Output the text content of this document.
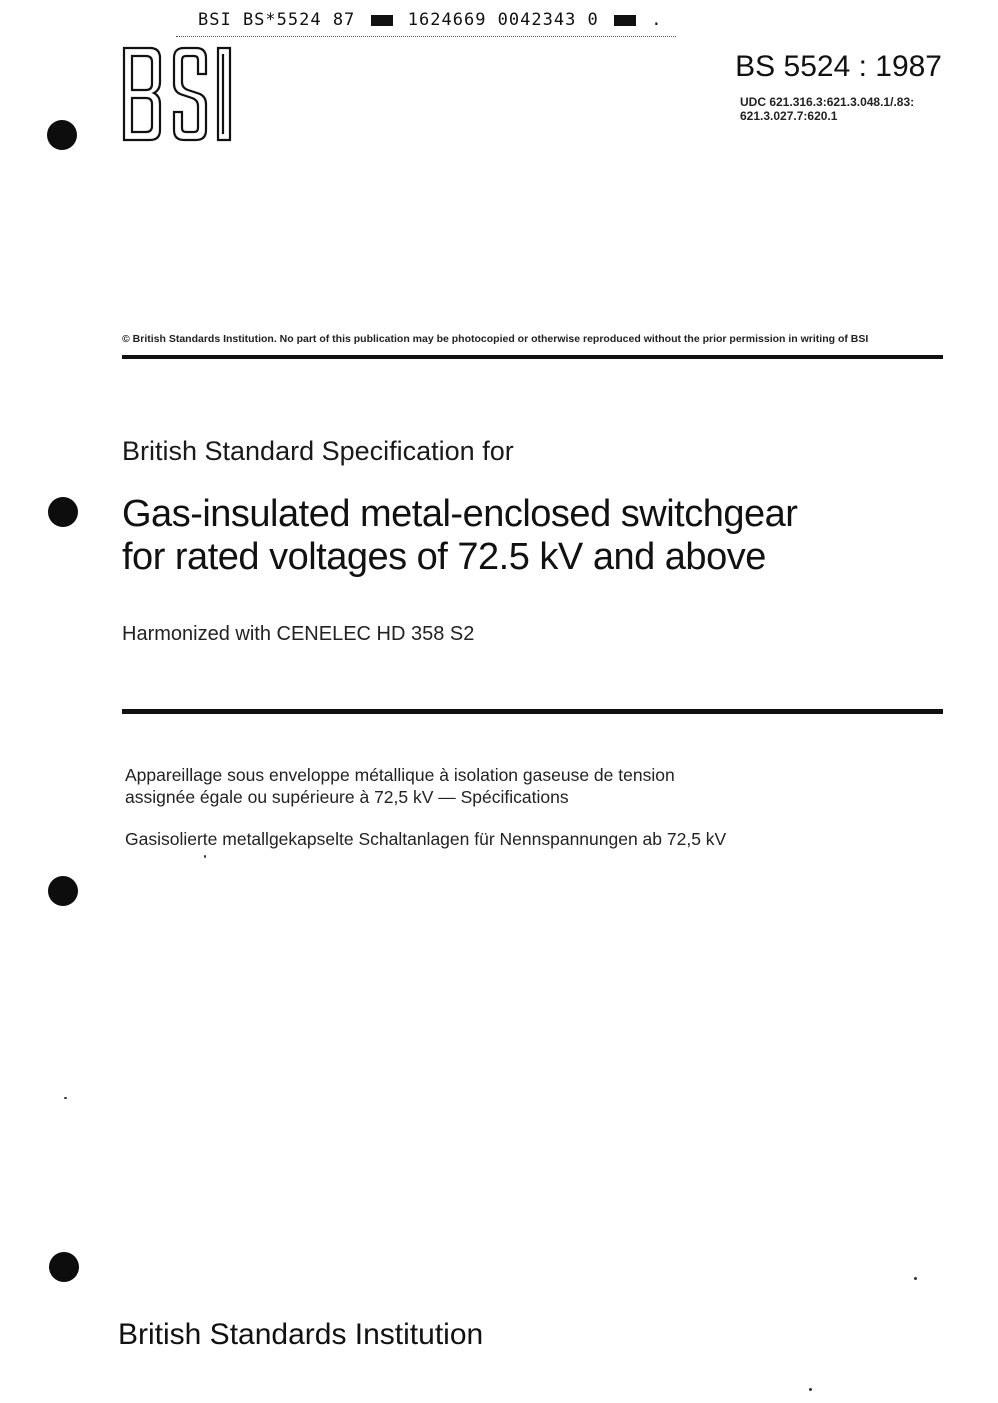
BSI BS*5524 87	1624669 0042343 0	.
BS 5524 : 1987
UDC 621.316.3:621.3.048.1/.83:
621.3.027.7:620.1
© British Standards Institution. No part of this publication may be photocopied or otherwise reproduced without the prior permission in writing of BSI
British Standard Specification for
Gas-insulated metal-enclosed switchgear
for rated voltages of 72.5 kV and above
Harmonized with CENELEC HD 358 S2
Appareillage sous enveloppe métallique à isolation gaseuse de tension
assignée égale ou supérieure à 72,5 kV — Spécifications
Gasisolierte metallgekapselte Schaltanlagen für Nennspannungen ab 72,5 kV
British Standards Institution
